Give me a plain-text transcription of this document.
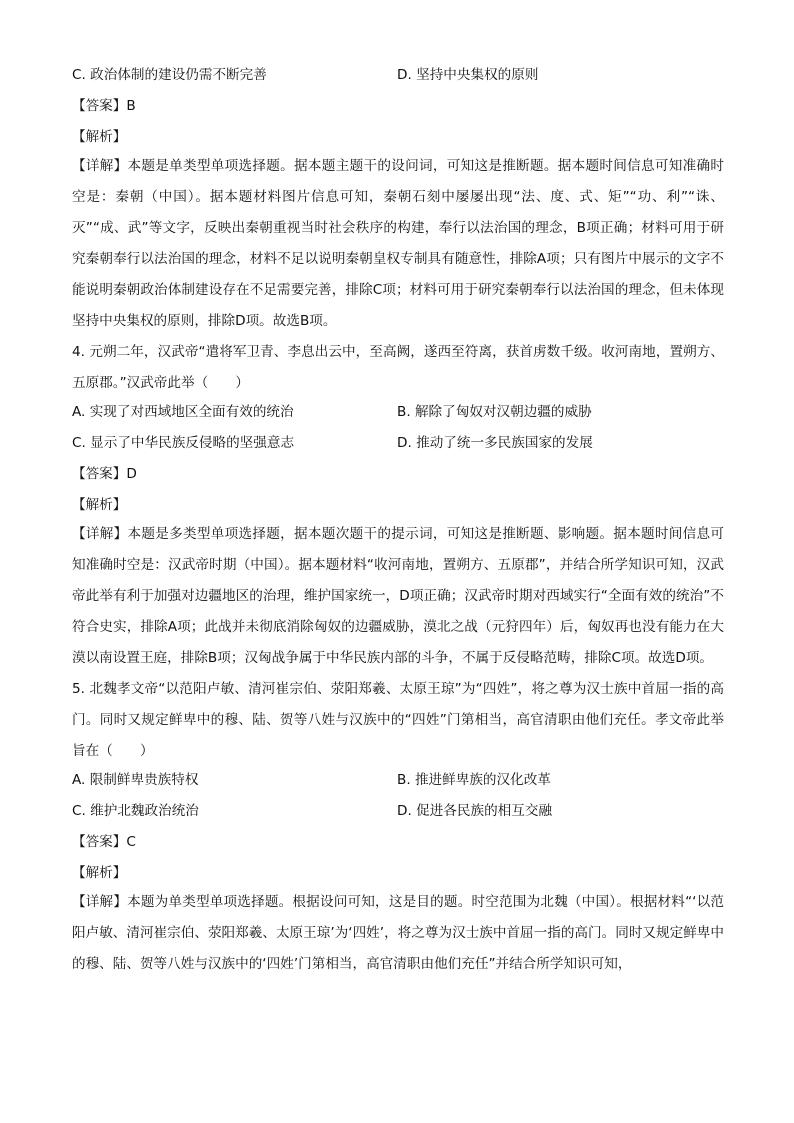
C. 政治体制的建设仍需不断完善	D. 坚持中央集权的原则
【答案】B
【解析】
【详解】本题是单类型单项选择题。据本题主题干的设问词，可知这是推断题。据本题时间信息可知准确时空是：秦朝（中国）。据本题材料图片信息可知，秦朝石刻中屡屡出现“法、度、式、矩”“功、利”“诛、灭”“成、武”等文字，反映出秦朝重视当时社会秩序的构建，奉行以法治国的理念，B项正确；材料可用于研究秦朝奉行以法治国的理念，材料不足以说明秦朝皇权专制具有随意性，排除A项；只有图片中展示的文字不能说明秦朝政治体制建设存在不足需要完善，排除C项；材料可用于研究秦朝奉行以法治国的理念，但未体现坚持中央集权的原则，排除D项。故选B项。
4. 元朔二年，汉武帝“遣将军卫青、李息出云中，至高阙，遂西至符离，获首虏数千级。收河南地，置朔方、五原郡。”汉武帝此举（　　）
A. 实现了对西域地区全面有效的统治	B. 解除了匈奴对汉朝边疆的威胁
C. 显示了中华民族反侵略的坚强意志	D. 推动了统一多民族国家的发展
【答案】D
【解析】
【详解】本题是多类型单项选择题，据本题次题干的提示词，可知这是推断题、影响题。据本题时间信息可知准确时空是：汉武帝时期（中国）。据本题材料“收河南地，置朔方、五原郡”，并结合所学知识可知，汉武帝此举有利于加强对边疆地区的治理，维护国家统一，D项正确；汉武帝时期对西域实行“全面有效的统治”不符合史实，排除A项；此战并未彻底消除匈奴的边疆威胁，漠北之战（元狩四年）后，匈奴再也没有能力在大漠以南设置王庭，排除B项；汉匈战争属于中华民族内部的斗争，不属于反侵略范畴，排除C项。故选D项。
5. 北魏孝文帝“以范阳卢敏、清河崔宗伯、荥阳郑羲、太原王琼”为“四姓”，将之尊为汉士族中首屈一指的高门。同时又规定鲜卑中的穆、陆、贺等八姓与汉族中的“四姓”门第相当，高官清职由他们充任。孝文帝此举旨在（　　）
A. 限制鲜卑贵族特权	B. 推进鲜卑族的汉化改革
C. 维护北魏政治统治	D. 促进各民族的相互交融
【答案】C
【解析】
【详解】本题为单类型单项选择题。根据设问可知，这是目的题。时空范围为北魏（中国）。根据材料“‘以范阳卢敏、清河崔宗伯、荥阳郑羲、太原王琼’为‘四姓’，将之尊为汉士族中首屈一指的高门。同时又规定鲜卑中的穆、陆、贺等八姓与汉族中的‘四姓’门第相当，高官清职由他们充任”并结合所学知识可知，
